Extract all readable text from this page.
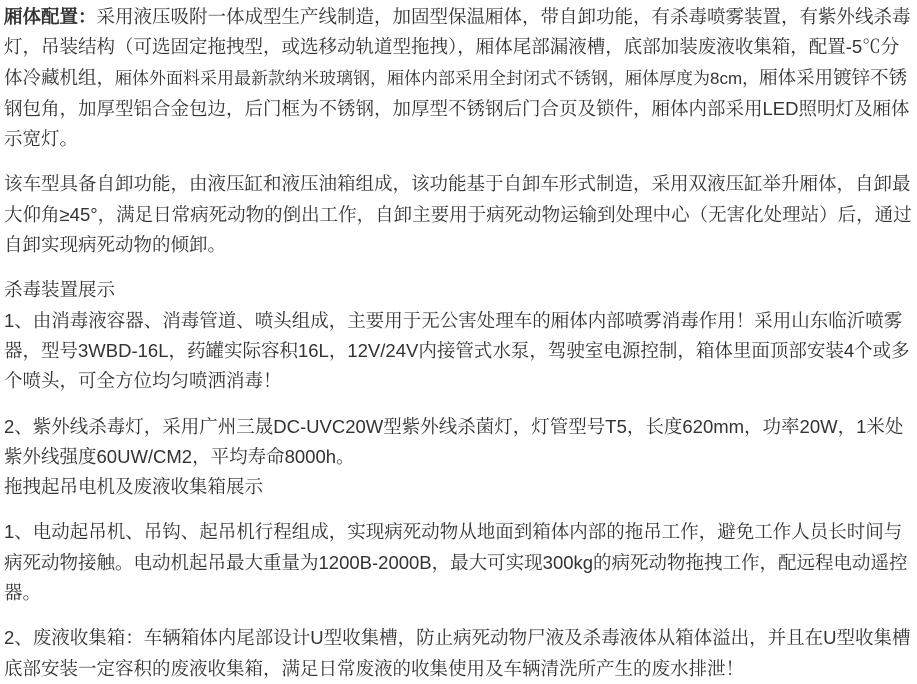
厢体配置：采用液压吸附一体成型生产线制造，加固型保温厢体，带自卸功能，有杀毒喷雾装置，有紫外线杀毒灯，吊装结构（可选固定拖拽型，或选移动轨道型拖拽），厢体尾部漏液槽，底部加装废液收集箱，配置-5℃分体冷藏机组，厢体外面料采用最新款纳米玻璃钢，厢体内部采用全封闭式不锈钢，厢体厚度为8cm，厢体采用镀锌不锈钢包角，加厚型铝合金包边，后门框为不锈钢，加厚型不锈钢后门合页及锁件，厢体内部采用LED照明灯及厢体示宽灯。

该车型具备自卸功能，由液压缸和液压油箱组成，该功能基于自卸车形式制造，采用双液压缸举升厢体，自卸最大仰角≥45°，满足日常病死动物的倒出工作，自卸主要用于病死动物运输到处理中心（无害化处理站）后，通过自卸实现病死动物的倾卸。

杀毒装置展示
1、由消毒液容器、消毒管道、喷头组成，主要用于无公害处理车的厢体内部喷雾消毒作用！采用山东临沂喷雾器，型号3WBD-16L，药罐实际容积16L，12V/24V内接管式水泵，驾驶室电源控制，箱体里面顶部安装4个或多个喷头，可全方位均匀喷洒消毒！

2、紫外线杀毒灯，采用广州三晟DC-UVC20W型紫外线杀菌灯，灯管型号T5，长度620mm，功率20W，1米处紫外线强度60UW/CM2，平均寿命8000h。
拖拽起吊电机及废液收集箱展示

1、电动起吊机、吊钩、起吊机行程组成，实现病死动物从地面到箱体内部的拖吊工作，避免工作人员长时间与病死动物接触。电动机起吊最大重量为1200B-2000B，最大可实现300kg的病死动物拖拽工作，配远程电动遥控器。

2、废液收集箱：车辆箱体内尾部设计U型收集槽，防止病死动物尸液及杀毒液体从箱体溢出，并且在U型收集槽底部安装一定容积的废液收集箱，满足日常废液的收集使用及车辆清洗所产生的废水排泄！
